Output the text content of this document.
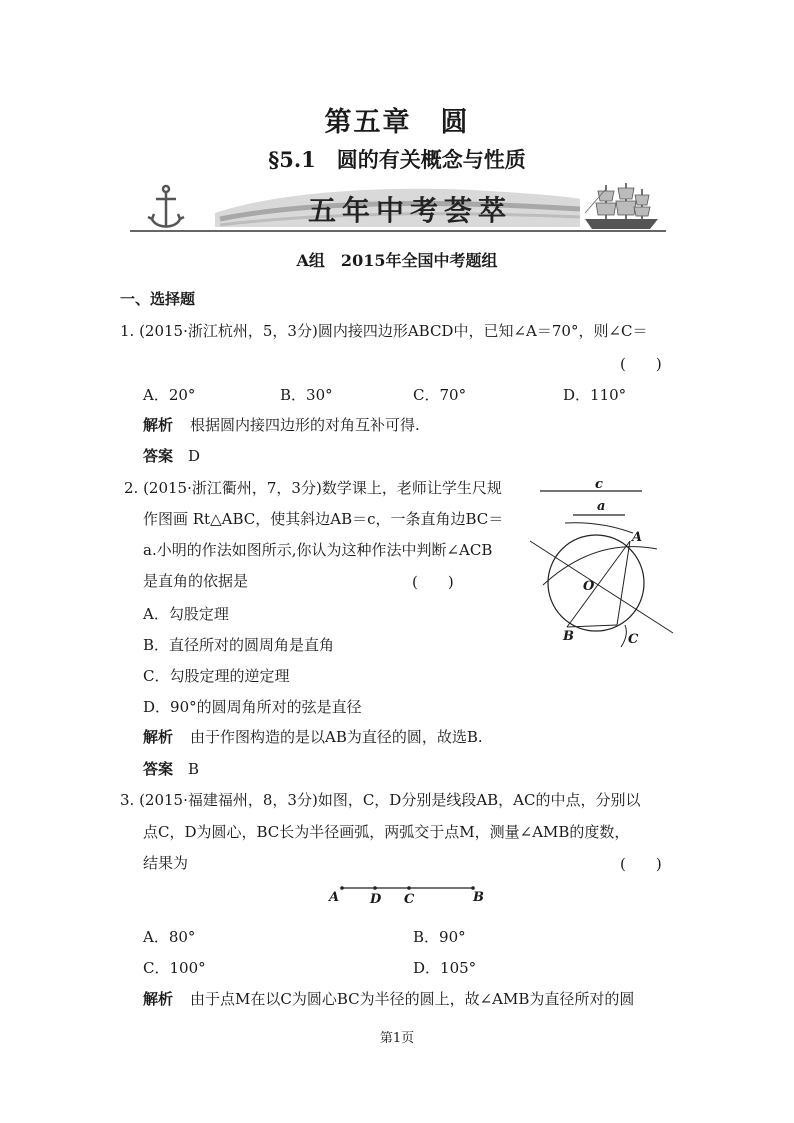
第五章　圆
§5.1　圆的有关概念与性质
五年中考荟萃
A组　2015年全国中考题组
一、选择题
1. (2015·浙江杭州，5，3分)圆内接四边形ABCD中，已知∠A＝70°，则∠C＝
(　　)
A．20°	B．30°	C．70°	D．110°
解析 根据圆内接四边形的对角互补可得.
答案 D
2. (2015·浙江衢州，7，3分)数学课上，老师让学生尺规
作图画 Rt△ABC，使其斜边AB＝c，一条直角边BC＝
a.小明的作法如图所示,你认为这种作法中判断∠ACB
是直角的依据是	(　　)
A．勾股定理
B．直径所对的圆周角是直角
C．勾股定理的逆定理
D．90°的圆周角所对的弦是直径
解析 由于作图构造的是以AB为直径的圆，故选B.
答案 B
c
a
A
O
B	C
3. (2015·福建福州，8，3分)如图，C，D分别是线段AB，AC的中点，分别以
点C，D为圆心，BC长为半径画弧，两弧交于点M，测量∠AMB的度数，
结果为	(　　)
A D C	B
A．80°	B．90°
C．100°	D．105°
解析 由于点M在以C为圆心BC为半径的圆上，故∠AMB为直径所对的圆
第1页
